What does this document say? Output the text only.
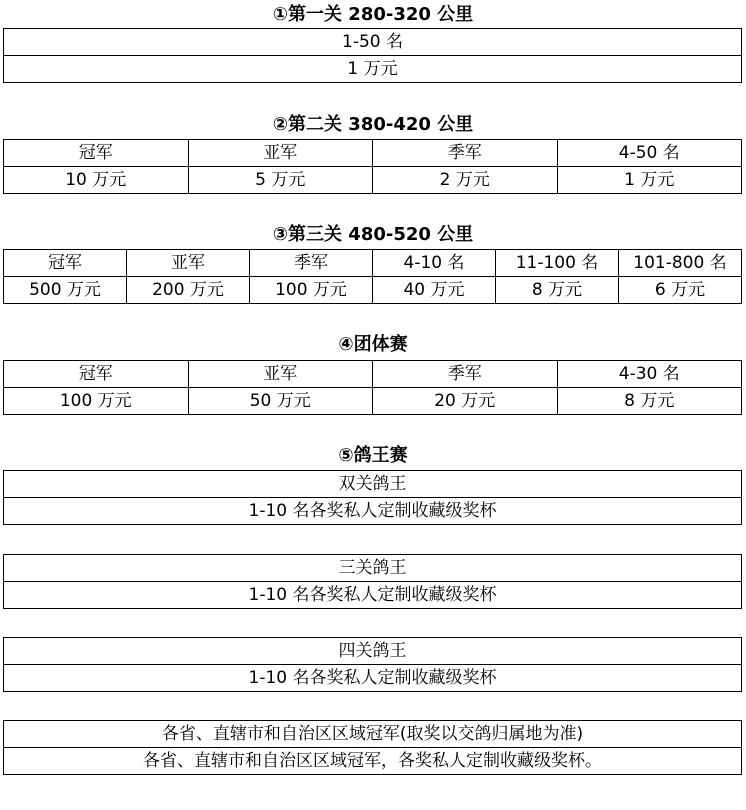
①第一关 280-320 公里
1-50 名
1 万元
②第二关 380-420 公里
冠军	亚军	季军	4-50 名
10 万元	5 万元	2 万元	1 万元
③第三关 480-520 公里
冠军	亚军	季军	4-10 名	11-100 名	101-800 名
500 万元	200 万元	100 万元	40 万元	8 万元	6 万元
④团体赛
冠军	亚军	季军	4-30 名
100 万元	50 万元	20 万元	8 万元
⑤鸽王赛
双关鸽王
1-10 名各奖私人定制收藏级奖杯
三关鸽王
1-10 名各奖私人定制收藏级奖杯
四关鸽王
1-10 名各奖私人定制收藏级奖杯
各省、直辖市和自治区区域冠军(取奖以交鸽归属地为准)
各省、直辖市和自治区区域冠军，各奖私人定制收藏级奖杯。
